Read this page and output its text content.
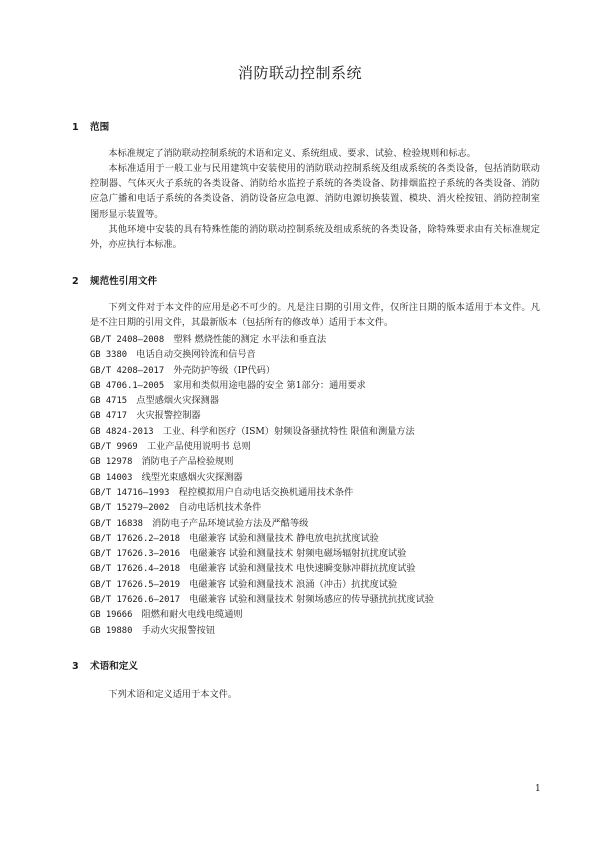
消防联动控制系统
1 范围

本标准规定了消防联动控制系统的术语和定义、系统组成、要求、试验、检验规则和标志。

本标准适用于一般工业与民用建筑中安装使用的消防联动控制系统及组成系统的各类设备，包括消防联动控制器、气体灭火子系统的各类设备、消防给水监控子系统的各类设备、防排烟监控子系统的各类设备、消防应急广播和电话子系统的各类设备、消防设备应急电源、消防电源切换装置、模块、消火栓按钮、消防控制室图形显示装置等。

其他环境中安装的具有特殊性能的消防联动控制系统及组成系统的各类设备，除特殊要求由有关标准规定外，亦应执行本标准。

2 规范性引用文件

下列文件对于本文件的应用是必不可少的。凡是注日期的引用文件，仅所注日期的版本适用于本文件。凡是不注日期的引用文件，其最新版本（包括所有的修改单）适用于本文件。

GB/T 2408—2008   塑料 燃烧性能的测定 水平法和垂直法
GB 3380   电话自动交换网铃流和信号音
GB/T 4208—2017   外壳防护等级（IP代码）
GB 4706.1—2005   家用和类似用途电器的安全 第1部分：通用要求
GB 4715   点型感烟火灾探测器
GB 4717   火灾报警控制器
GB 4824-2013   工业、科学和医疗（ISM）射频设备骚扰特性 限值和测量方法
GB/T 9969   工业产品使用说明书 总则
GB 12978   消防电子产品检验规则
GB 14003   线型光束感烟火灾探测器
GB/T 14716—1993   程控模拟用户自动电话交换机通用技术条件
GB/T 15279—2002   自动电话机技术条件
GB/T 16838   消防电子产品环境试验方法及严酷等级
GB/T 17626.2—2018   电磁兼容 试验和测量技术 静电放电抗扰度试验
GB/T 17626.3—2016   电磁兼容 试验和测量技术 射频电磁场辐射抗扰度试验
GB/T 17626.4—2018   电磁兼容 试验和测量技术 电快速瞬变脉冲群抗扰度试验
GB/T 17626.5—2019   电磁兼容 试验和测量技术 浪涌（冲击）抗扰度试验
GB/T 17626.6—2017   电磁兼容 试验和测量技术 射频场感应的传导骚扰抗扰度试验
GB 19666   阻燃和耐火电线电缆通则
GB 19880   手动火灾报警按钮
3 术语和定义

下列术语和定义适用于本文件。

1
